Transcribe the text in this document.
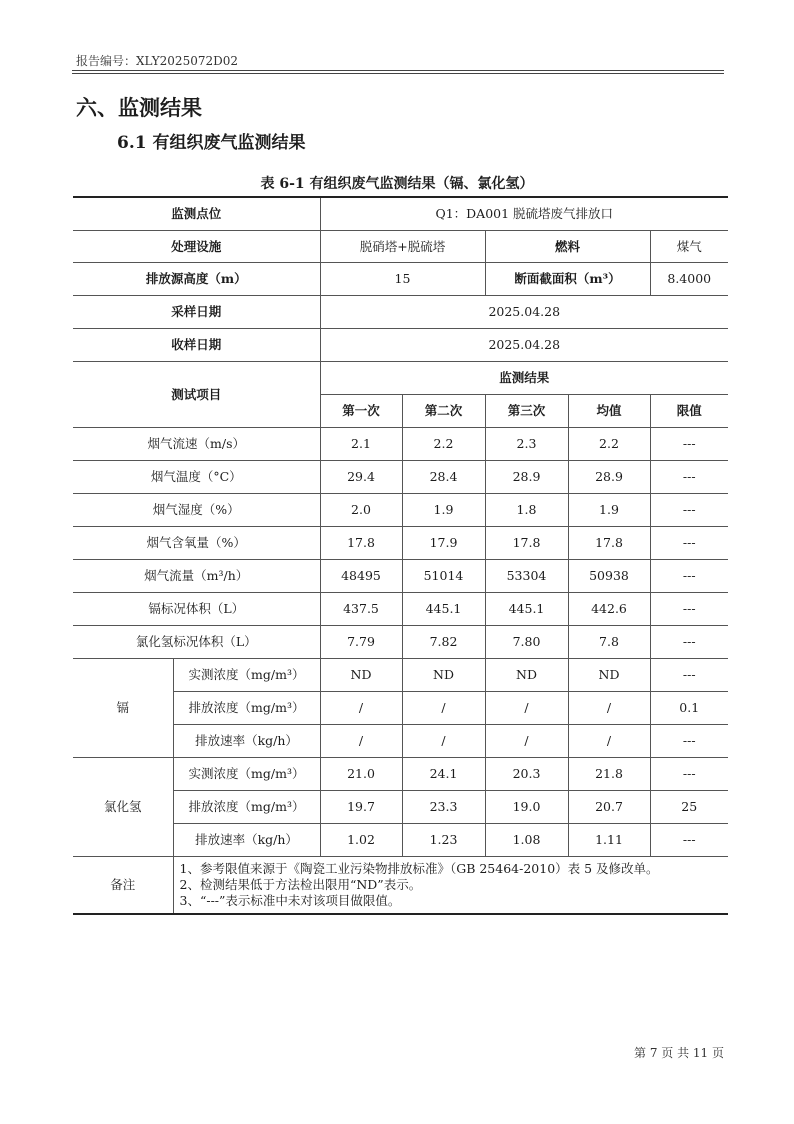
报告编号：XLY2025072D02
六、监测结果
6.1 有组织废气监测结果
表 6-1 有组织废气监测结果（镉、氯化氢）
监测点位		Q1：DA001 脱硫塔废气排放口				
处理设施		脱硝塔+脱硫塔		燃料		煤气
排放源高度（m）		15		断面截面积（m³）		8.4000
采样日期		2025.04.28				
收样日期		2025.04.28				
测试项目		监测结果				
		第一次	第二次	第三次	均值	限值
烟气流速（m/s）		2.1	2.2	2.3	2.2	---
烟气温度（°C）		29.4	28.4	28.9	28.9	---
烟气湿度（%）		2.0	1.9	1.8	1.9	---
烟气含氧量（%）		17.8	17.9	17.8	17.8	---
烟气流量（m³/h）		48495	51014	53304	50938	---
镉标况体积（L）		437.5	445.1	445.1	442.6	---
氯化氢标况体积（L）		7.79	7.82	7.80	7.8	---
镉	实测浓度（mg/m³）	ND	ND	ND	ND	---
	排放浓度（mg/m³）	/	/	/	/	0.1
	排放速率（kg/h）	/	/	/	/	---
氯化氢	实测浓度（mg/m³）	21.0	24.1	20.3	21.8	---
	排放浓度（mg/m³）	19.7	23.3	19.0	20.7	25
	排放速率（kg/h）	1.02	1.23	1.08	1.11	---
备注	1、参考限值来源于《陶瓷工业污染物排放标准》（GB 25464-2010）表 5 及修改单。
2、检测结果低于方法检出限用“ND”表示。
3、“---”表示标准中未对该项目做限值。					
第 7 页 共 11 页
